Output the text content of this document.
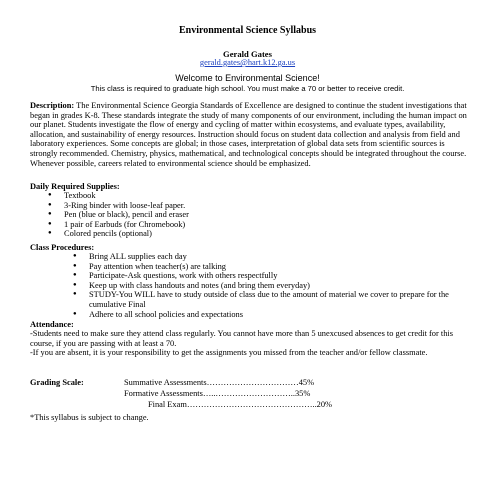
Environmental Science Syllabus
Gerald Gates
gerald.gates@hart.k12.ga.us
Welcome to Environmental Science!
This class is required to graduate high school. You must make a 70 or better to receive credit.

Description: The Environmental Science Georgia Standards of Excellence are designed to continue the student investigations that began in grades K-8. These standards integrate the study of many components of our environment, including the human impact on our planet. Students investigate the flow of energy and cycling of matter within ecosystems, and evaluate types, availability, allocation, and sustainability of energy resources. Instruction should focus on student data collection and analysis from field and laboratory experiences. Some concepts are global; in those cases, interpretation of global data sets from scientific sources is strongly recommended. Chemistry, physics, mathematical, and technological concepts should be integrated throughout the course. Whenever possible, careers related to environmental science should be emphasized.

Daily Required Supplies:
● Textbook
● 3-Ring binder with loose-leaf paper.
● Pen (blue or black), pencil and eraser
● 1 pair of Earbuds (for Chromebook)
● Colored pencils (optional)
Class Procedures:
● Bring ALL supplies each day
● Pay attention when teacher(s) are talking
● Participate-Ask questions, work with others respectfully
● Keep up with class handouts and notes (and bring them everyday)
● STUDY-You WILL have to study outside of class due to the amount of material we cover to prepare for the cumulative Final
● Adhere to all school policies and expectations
Attendance:

-Students need to make sure they attend class regularly. You cannot have more than 5 unexcused absences to get credit for this course, if you are passing with at least a 70.

-If you are absent, it is your responsibility to get the assignments you missed from the teacher and/or fellow classmate.

Grading Scale:	Summative Assessments……………………………45%
Formative Assessments…..………………………..35%
Final Exam………………………………………..20%
*This syllabus is subject to change.
